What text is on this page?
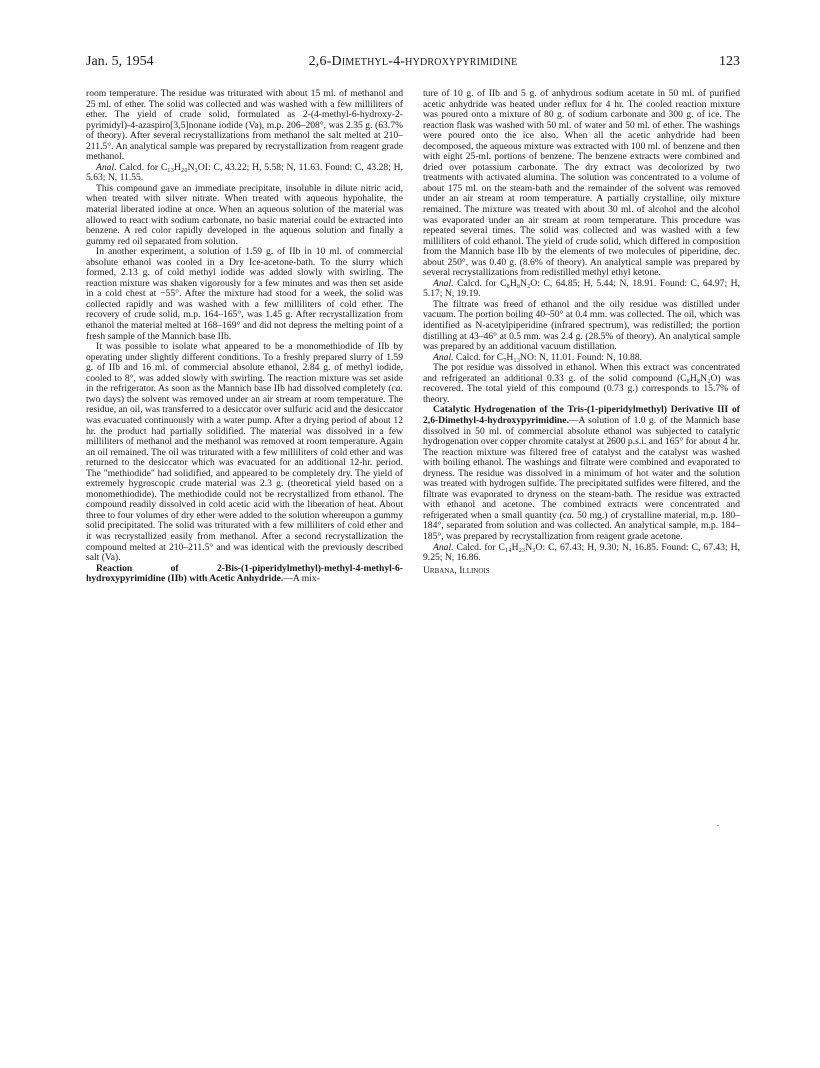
Jan. 5, 1954	2,6-Dimethyl-4-hydroxypyrimidine	123

room temperature. The residue was triturated with about 15 ml. of methanol and 25 ml. of ether. The solid was collected and was washed with a few milliliters of ether. The yield of crude solid, formulated as 2-(4-methyl-6-hydroxy-2-pyrimidyl)-4-azaspiro[3,5]nonane iodide (Va), m.p. 206–208°, was 2.35 g. (63.7% of theory). After several recrystallizations from methanol the salt melted at 210–211.5°. An analytical sample was prepared by recrystallization from reagent grade methanol.

Anal. Calcd. for C₁₃H₂₀N₃OI: C, 43.22; H, 5.58; N, 11.63. Found: C, 43.28; H, 5.63; N, 11.55.

This compound gave an immediate precipitate, insoluble in dilute nitric acid, when treated with silver nitrate. When treated with aqueous hypohalite, the material liberated iodine at once. When an aqueous solution of the material was allowed to react with sodium carbonate, no basic material could be extracted into benzene. A red color rapidly developed in the aqueous solution and finally a gummy red oil separated from solution.

In another experiment, a solution of 1.59 g. of IIb in 10 ml. of commercial absolute ethanol was cooled in a Dry Ice-acetone-bath. To the slurry which formed, 2.13 g. of cold methyl iodide was added slowly with swirling. The reaction mixture was shaken vigorously for a few minutes and was then set aside in a cold chest at −55°. After the mixture had stood for a week, the solid was collected rapidly and was washed with a few milliliters of cold ether. The recovery of crude solid, m.p. 164–165°, was 1.45 g. After recrystallization from ethanol the material melted at 168–169° and did not depress the melting point of a fresh sample of the Mannich base IIb.

It was possible to isolate what appeared to be a monomethiodide of IIb by operating under slightly different conditions. To a freshly prepared slurry of 1.59 g. of IIb and 16 ml. of commercial absolute ethanol, 2.84 g. of methyl iodide, cooled to 8°, was added slowly with swirling. The reaction mixture was set aside in the refrigerator. As soon as the Mannich base IIb had dissolved completely (ca. two days) the solvent was removed under an air stream at room temperature. The residue, an oil, was transferred to a desiccator over sulfuric acid and the desiccator was evacuated continuously with a water pump. After a drying period of about 12 hr. the product had partially solidified. The material was dissolved in a few milliliters of methanol and the methanol was removed at room temperature. Again an oil remained. The oil was triturated with a few milliliters of cold ether and was returned to the desiccator which was evacuated for an additional 12-hr. period. The "methiodide" had solidified, and appeared to be completely dry. The yield of extremely hygroscopic crude material was 2.3 g. (theoretical yield based on a monomethiodide). The methiodide could not be recrystallized from ethanol. The compound readily dissolved in cold acetic acid with the liberation of heat. About three to four volumes of dry ether were added to the solution whereupon a gummy solid precipitated. The solid was triturated with a few milliliters of cold ether and it was recrystallized easily from methanol. After a second recrystallization the compound melted at 210–211.5° and was identical with the previously described salt (Va).

Reaction of 2-Bis-(1-piperidylmethyl)-methyl-4-methyl-6-hydroxypyrimidine (IIb) with Acetic Anhydride.—A mix-

ture of 10 g. of IIb and 5 g. of anhydrous sodium acetate in 50 ml. of purified acetic anhydride was heated under reflux for 4 hr. The cooled reaction mixture was poured onto a mixture of 80 g. of sodium carbonate and 300 g. of ice. The reaction flask was washed with 50 ml. of water and 50 ml. of ether. The washings were poured onto the ice also. When all the acetic anhydride had been decomposed, the aqueous mixture was extracted with 100 ml. of benzene and then with eight 25-ml. portions of benzene. The benzene extracts were combined and dried over potassium carbonate. The dry extract was decolorized by two treatments with activated alumina. The solution was concentrated to a volume of about 175 ml. on the steam-bath and the remainder of the solvent was removed under an air stream at room temperature. A partially crystalline, oily mixture remained. The mixture was treated with about 30 ml. of alcohol and the alcohol was evaporated under an air stream at room temperature. This procedure was repeated several times. The solid was collected and was washed with a few milliliters of cold ethanol. The yield of crude solid, which differed in composition from the Mannich base IIb by the elements of two molecules of piperidine, dec. about 250°, was 0.40 g. (8.6% of theory). An analytical sample was prepared by several recrystallizations from redistilled methyl ethyl ketone.

Anal. Calcd. for C₈H₈N₂O: C, 64.85; H, 5.44; N, 18.91. Found: C, 64.97; H, 5.17; N, 19.19.

The filtrate was freed of ethanol and the oily residue was distilled under vacuum. The portion boiling 40–50° at 0.4 mm. was collected. The oil, which was identified as N-acetylpiperidine (infrared spectrum), was redistilled; the portion distilling at 43–46° at 0.5 mm. was 2.4 g. (28.5% of theory). An analytical sample was prepared by an additional vacuum distillation.

Anal. Calcd. for C₇H₁₃NO: N, 11.01. Found: N, 10.88.

The pot residue was dissolved in ethanol. When this extract was concentrated and refrigerated an additional 0.33 g. of the solid compound (C₈H₈N₂O) was recovered. The total yield of this compound (0.73 g.) corresponds to 15.7% of theory.

Catalytic Hydrogenation of the Tris-(1-piperidylmethyl) Derivative III of 2,6-Dimethyl-4-hydroxypyrimidine.—A solution of 1.0 g. of the Mannich base dissolved in 50 ml. of commercial absolute ethanol was subjected to catalytic hydrogenation over copper chromite catalyst at 2600 p.s.i. and 165° for about 4 hr. The reaction mixture was filtered free of catalyst and the catalyst was washed with boiling ethanol. The washings and filtrate were combined and evaporated to dryness. The residue was dissolved in a minimum of hot water and the solution was treated with hydrogen sulfide. The precipitated sulfides were filtered, and the filtrate was evaporated to dryness on the steam-bath. The residue was extracted with ethanol and acetone. The combined extracts were concentrated and refrigerated when a small quantity (ca. 50 mg.) of crystalline material, m.p. 180–184°, separated from solution and was collected. An analytical sample, m.p. 184–185°, was prepared by recrystallization from reagent grade acetone.

Anal. Calcd. for C₁₄H₂₃N₃O: C, 67.43; H, 9.30; N, 16.85. Found: C, 67.43; H, 9.25; N, 16.86.

Urbana, Illinois
